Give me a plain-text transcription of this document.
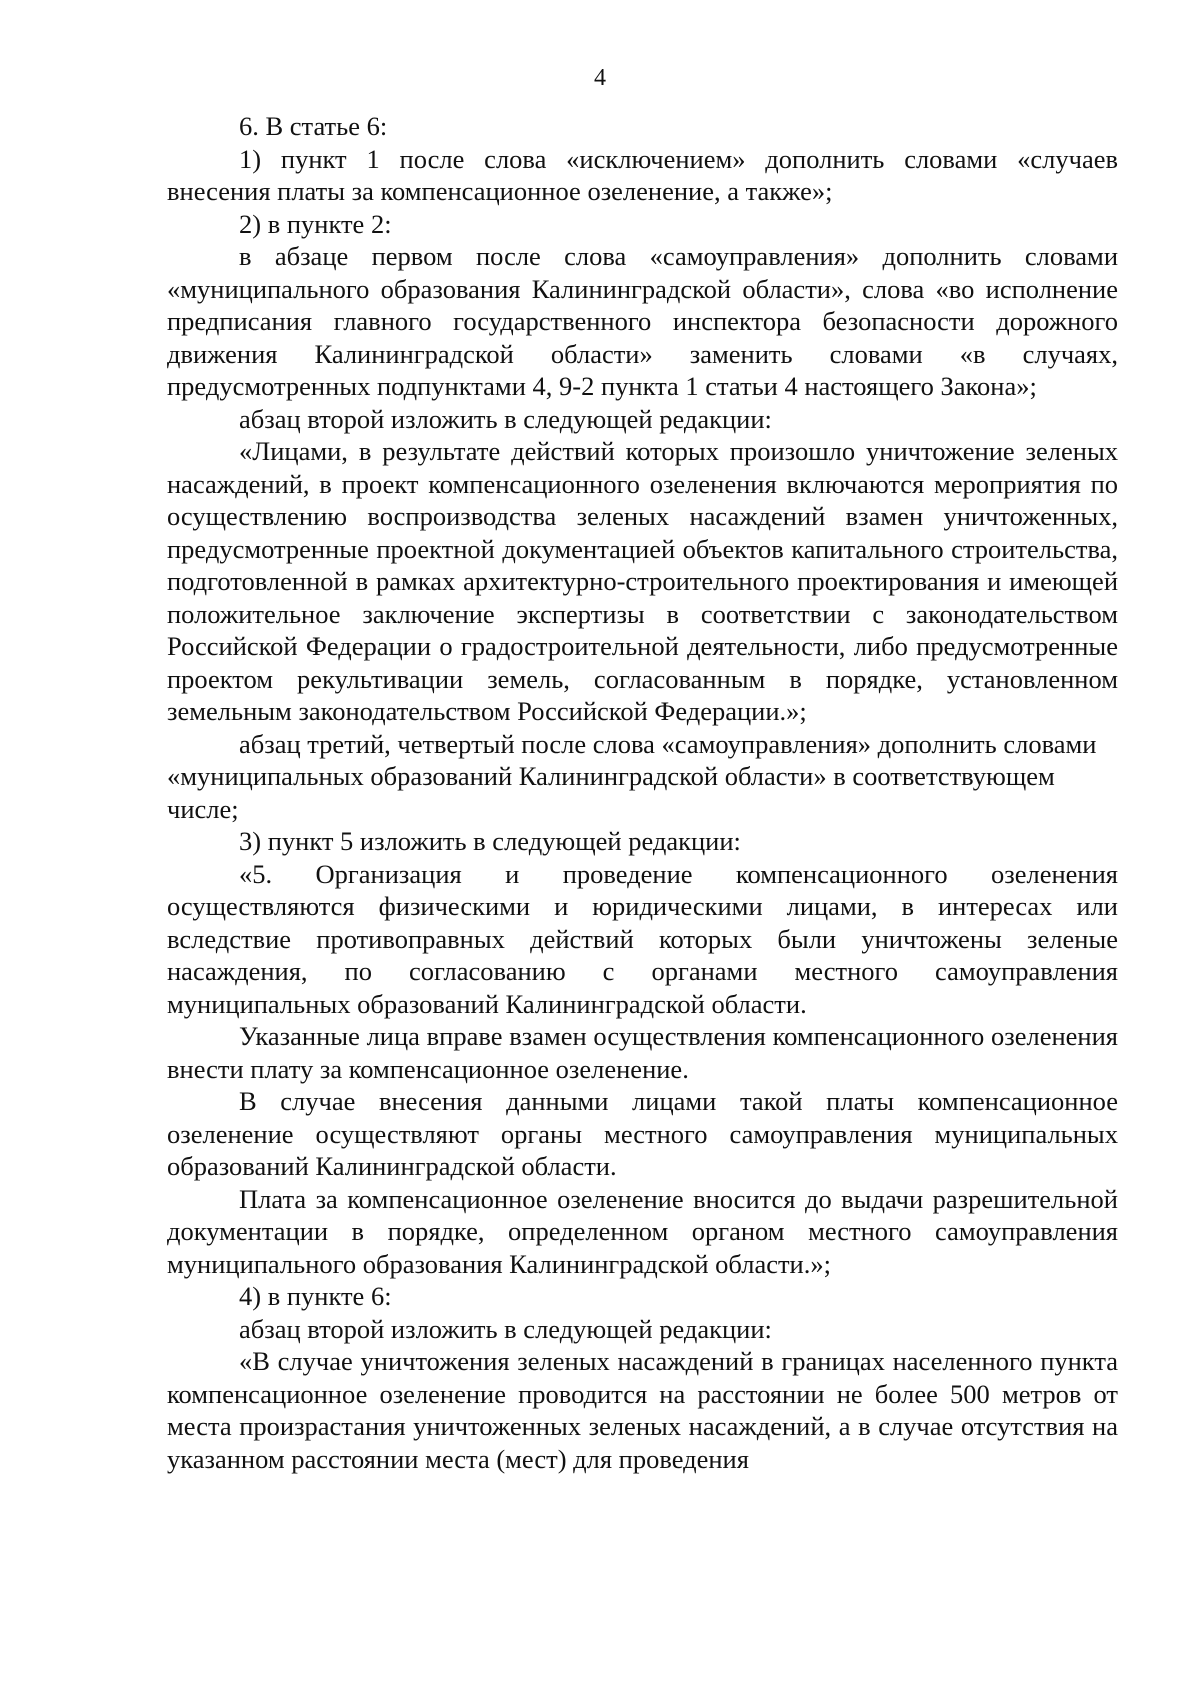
4

6. В статье 6:

1) пункт 1 после слова «исключением» дополнить словами «случаев внесения платы за компенсационное озеленение, а также»;

2) в пункте 2:

в абзаце первом после слова «самоуправления» дополнить словами «муниципального образования Калининградской области», слова «во исполнение предписания главного государственного инспектора безопасности дорожного движения Калининградской области» заменить словами «в случаях, предусмотренных подпунктами 4, 9-2 пункта 1 статьи 4 настоящего Закона»;

абзац второй изложить в следующей редакции:

«Лицами, в результате действий которых произошло уничтожение зеленых насаждений, в проект компенсационного озеленения включаются мероприятия по осуществлению воспроизводства зеленых насаждений взамен уничтоженных, предусмотренные проектной документацией объектов капитального строительства, подготовленной в рамках архитектурно-строительного проектирования и имеющей положительное заключение экспертизы в соответствии с законодательством Российской Федерации о градостроительной деятельности, либо предусмотренные проектом рекультивации земель, согласованным в порядке, установленном земельным законодательством Российской Федерации.»;

абзац третий, четвертый после слова «самоуправления» дополнить словами «муниципальных образований Калининградской области» в соответствующем числе;

3) пункт 5 изложить в следующей редакции:

«5. Организация и проведение компенсационного озеленения осуществляются физическими и юридическими лицами, в интересах или вследствие противоправных действий которых были уничтожены зеленые насаждения, по согласованию с органами местного самоуправления муниципальных образований Калининградской области.

Указанные лица вправе взамен осуществления компенсационного озеленения внести плату за компенсационное озеленение.

В случае внесения данными лицами такой платы компенсационное озеленение осуществляют органы местного самоуправления муниципальных образований Калининградской области.

Плата за компенсационное озеленение вносится до выдачи разрешительной документации в порядке, определенном органом местного самоуправления муниципального образования Калининградской области.»;

4) в пункте 6:

абзац второй изложить в следующей редакции:

«В случае уничтожения зеленых насаждений в границах населенного пункта компенсационное озеленение проводится на расстоянии не более 500 метров от места произрастания уничтоженных зеленых насаждений, а в случае отсутствия на указанном расстоянии места (мест) для проведения
